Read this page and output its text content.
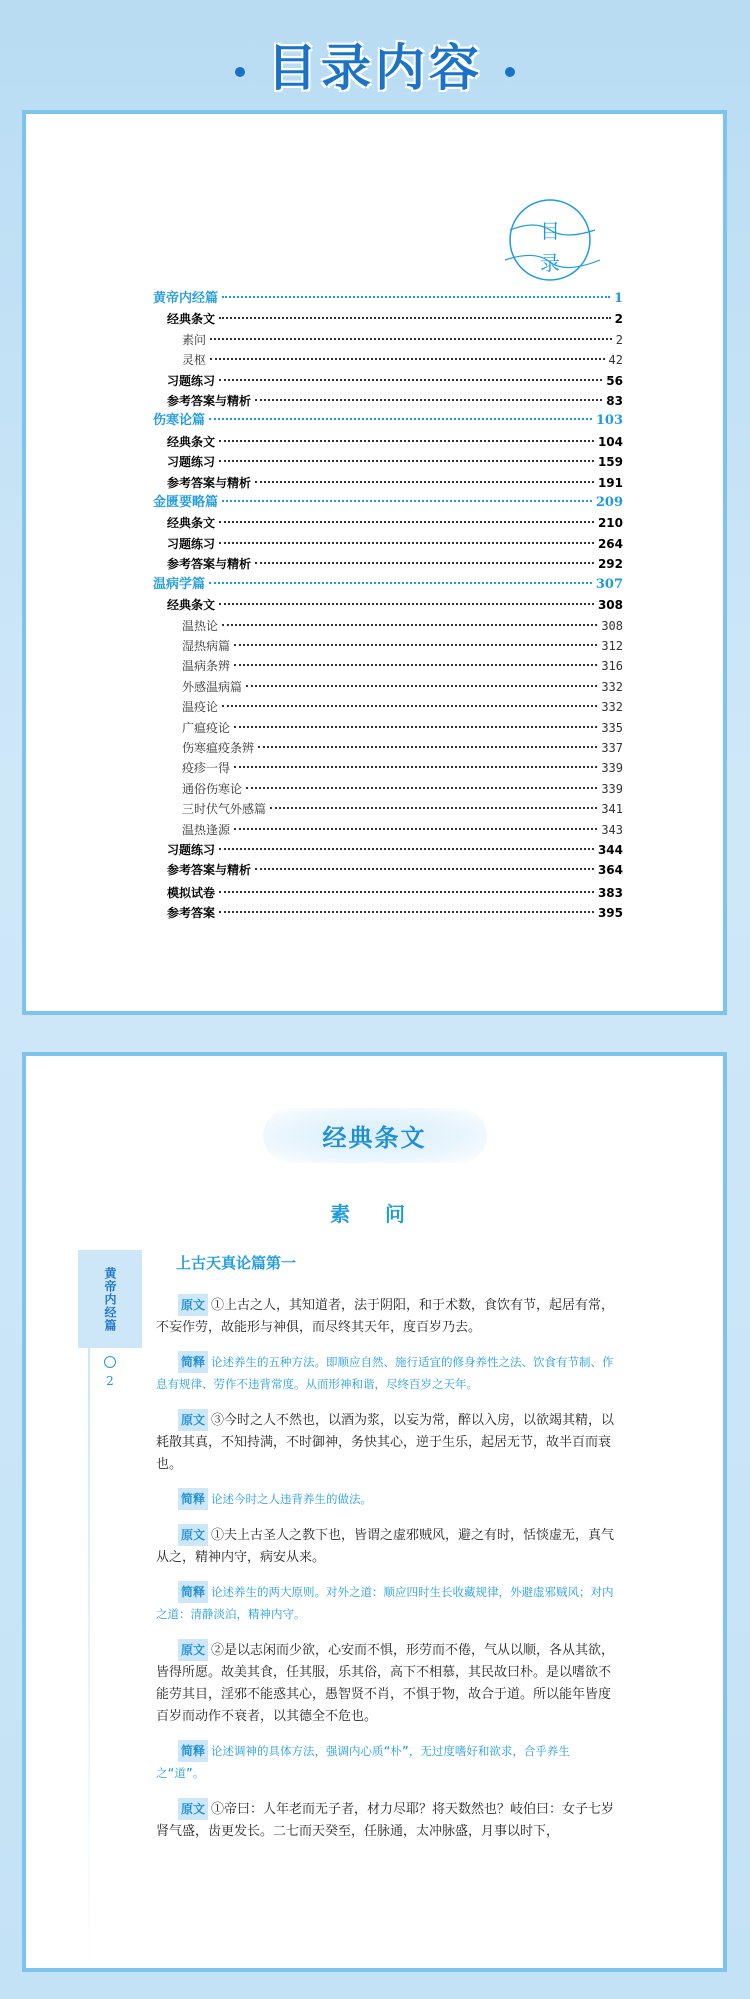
目录内容
目
录
黄帝内经篇	1
经典条文	2
素问	2
灵枢	42
习题练习	56
参考答案与精析	83
伤寒论篇	103
经典条文	104
习题练习	159
参考答案与精析	191
金匮要略篇	209
经典条文	210
习题练习	264
参考答案与精析	292
温病学篇	307
经典条文	308
温热论	308
湿热病篇	312
温病条辨	316
外感温病篇	332
温疫论	332
广瘟疫论	335
伤寒瘟疫条辨	337
疫疹一得	339
通俗伤寒论	339
三时伏气外感篇	341
温热逢源	343
习题练习	344
参考答案与精析	364
模拟试卷	383
参考答案	395
经典条文
素 问
黄帝内经篇
2
上古天真论篇第一

原文 ①上古之人，其知道者，法于阴阳，和于术数，食饮有节，起居有常，不妄作劳，故能形与神俱，而尽终其天年，度百岁乃去。

简释 论述养生的五种方法。即顺应自然、施行适宜的修身养性之法、饮食有节制、作息有规律、劳作不违背常度。从而形神和谐，尽终百岁之天年。

原文 ③今时之人不然也，以酒为浆，以妄为常，醉以入房，以欲竭其精，以耗散其真，不知持满，不时御神，务快其心，逆于生乐，起居无节，故半百而衰也。

简释 论述今时之人违背养生的做法。

原文 ①夫上古圣人之教下也，皆谓之虚邪贼风，避之有时，恬惔虚无，真气从之，精神内守，病安从来。

简释 论述养生的两大原则。对外之道：顺应四时生长收藏规律，外避虚邪贼风；对内之道：清静淡泊，精神内守。

原文 ②是以志闲而少欲，心安而不惧，形劳而不倦，气从以顺，各从其欲，皆得所愿。故美其食，任其服，乐其俗，高下不相慕，其民故曰朴。是以嗜欲不能劳其目，淫邪不能惑其心，愚智贤不肖，不惧于物，故合于道。所以能年皆度百岁而动作不衰者，以其德全不危也。

简释 论述调神的具体方法，强调内心质“朴”，无过度嗜好和欲求，合乎养生之“道”。

原文 ①帝曰：人年老而无子者，材力尽耶？将天数然也？岐伯曰：女子七岁肾气盛，齿更发长。二七而天癸至，任脉通，太冲脉盛，月事以时下，
